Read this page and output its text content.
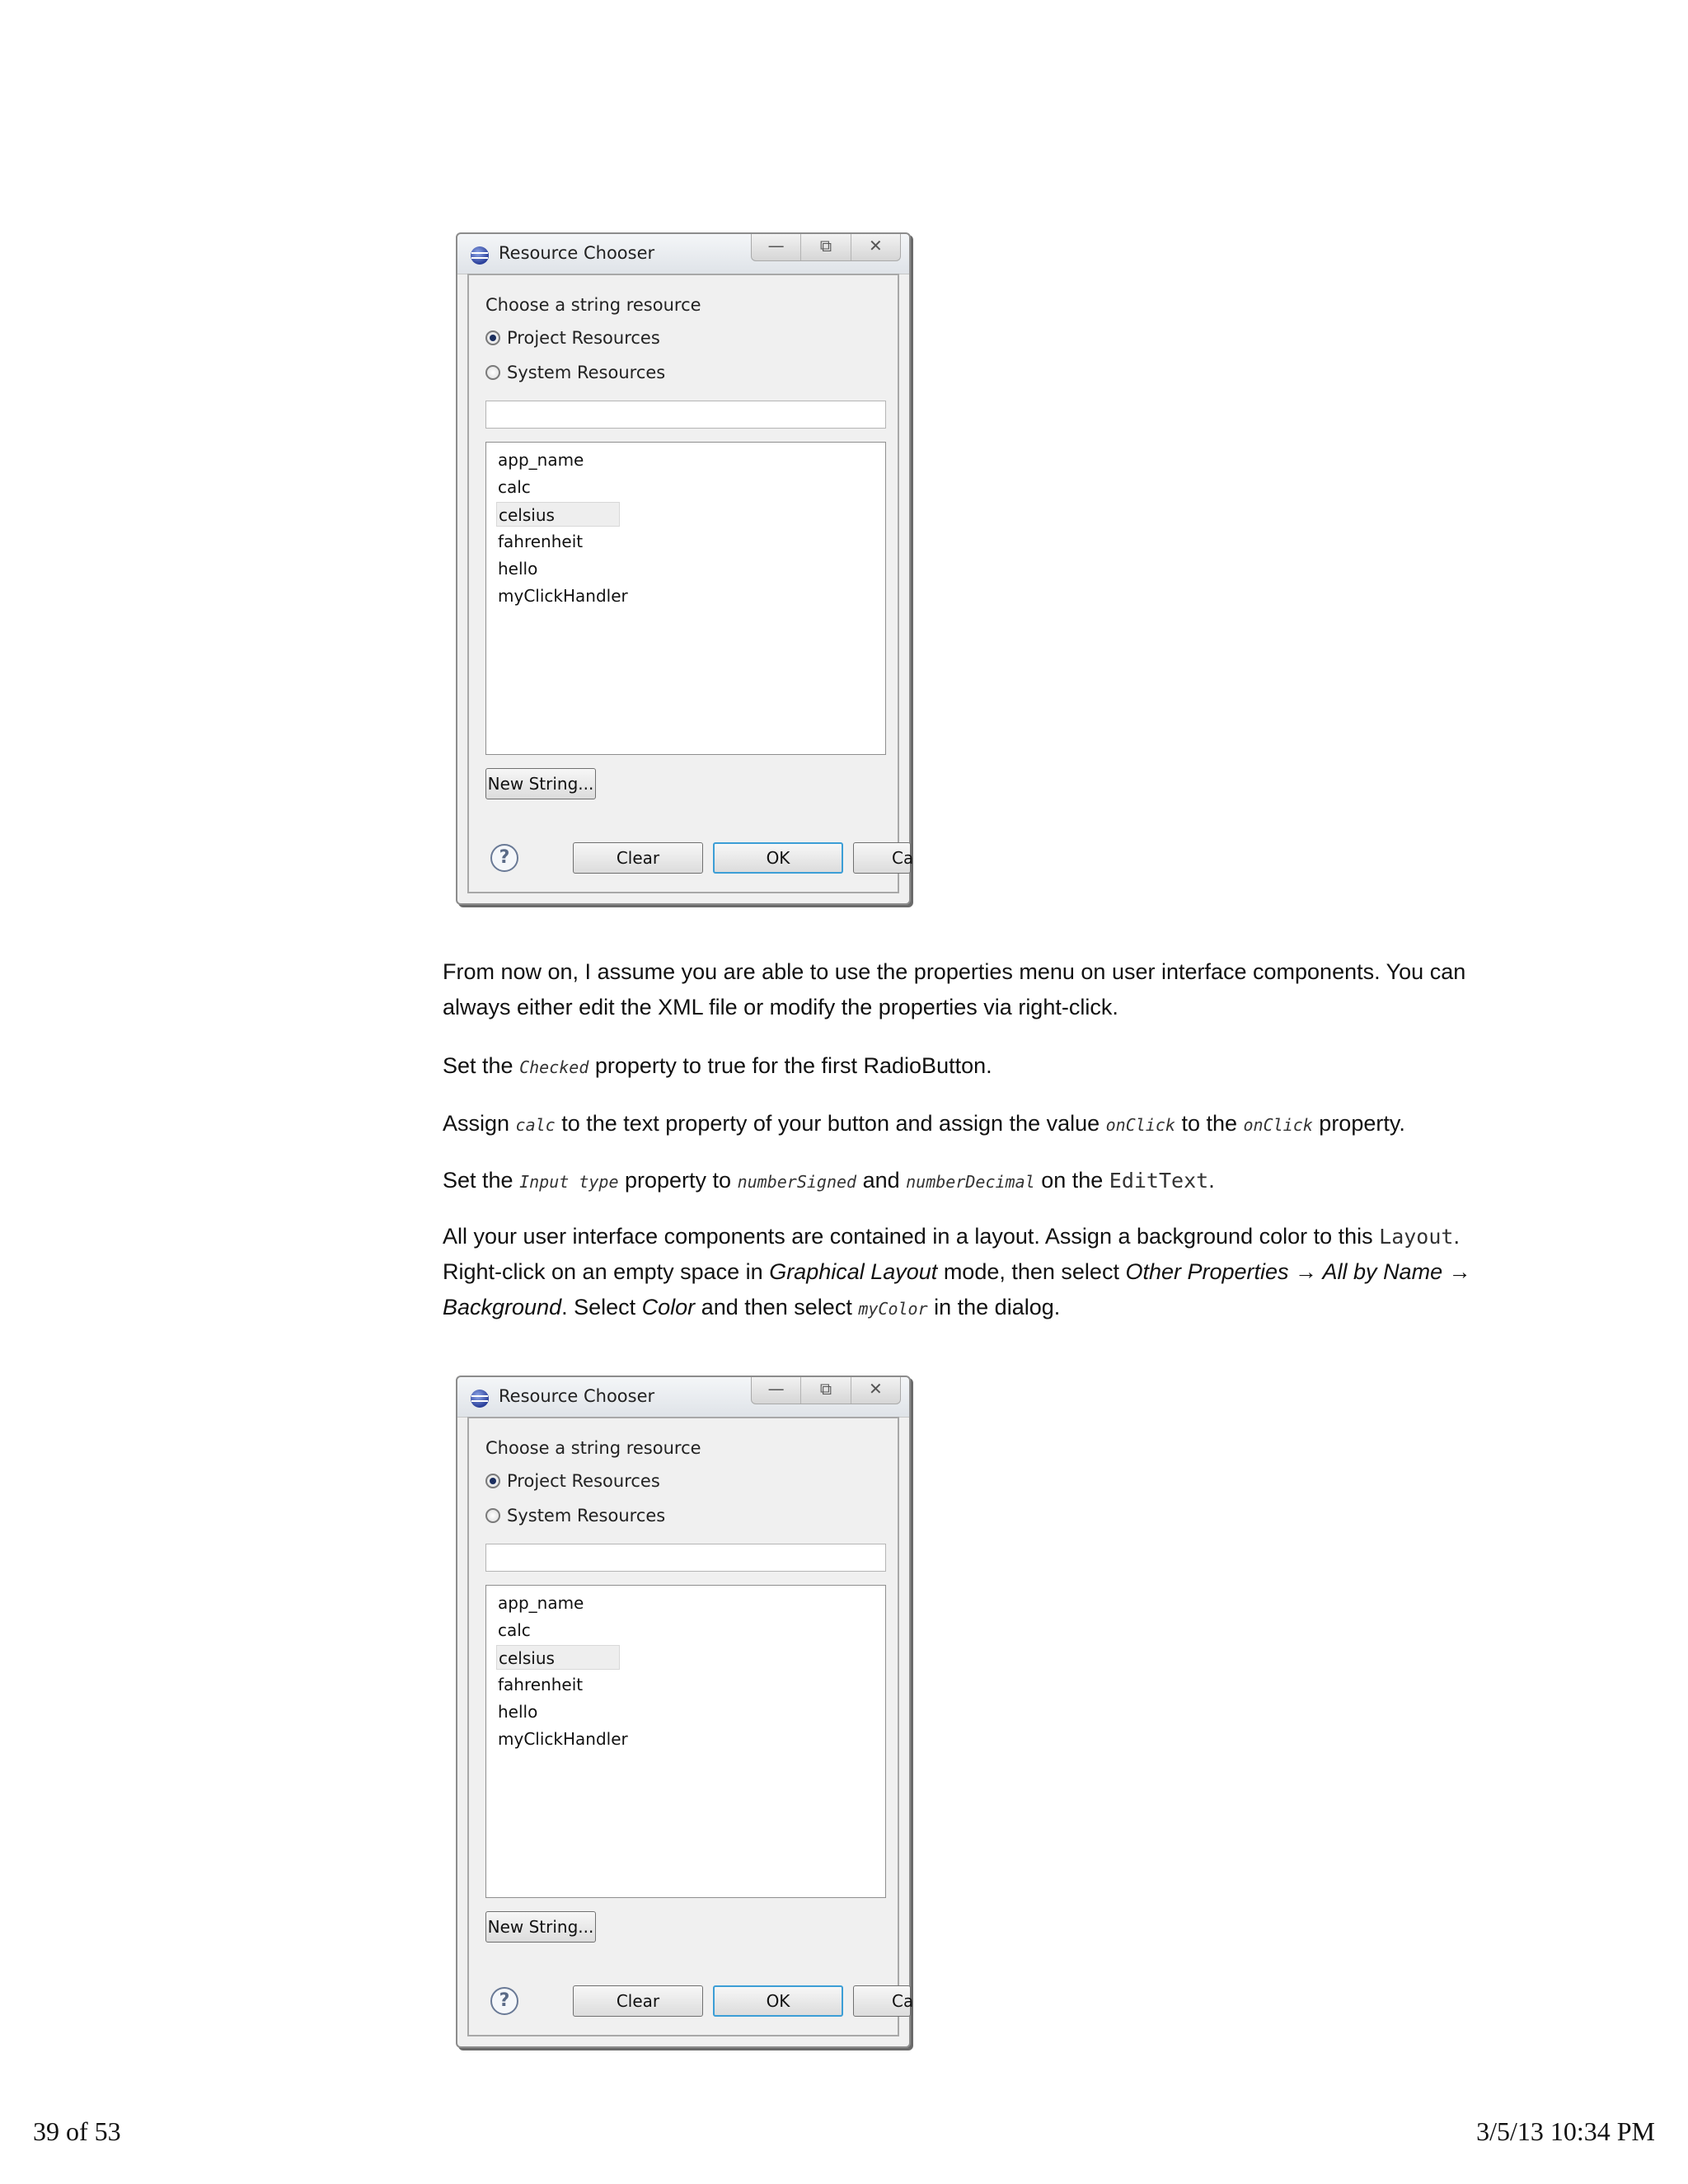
Resource Chooser	—	⧉	✕
Choose a string resource
Project Resources
System Resources
app_name
calc
celsius
fahrenheit
hello
myClickHandler
New String...
?	Clear	OK	Ca

From now on, I assume you are able to use the properties menu on user interface components. You can always either edit the XML file or modify the properties via right-click.

Set the Checked property to true for the first RadioButton.

Assign calc to the text property of your button and assign the value onClick to the onClick property.

Set the Input type property to numberSigned and numberDecimal on the EditText.

All your user interface components are contained in a layout. Assign a background color to this Layout. Right-click on an empty space in Graphical Layout mode, then select Other Properties → All by Name → Background. Select Color and then select myColor in the dialog.

Resource Chooser	—	⧉	✕
Choose a string resource
Project Resources
System Resources
app_name
calc
celsius
fahrenheit
hello
myClickHandler
New String...
?	Clear	OK	Ca
39 of 53	3/5/13 10:34 PM
